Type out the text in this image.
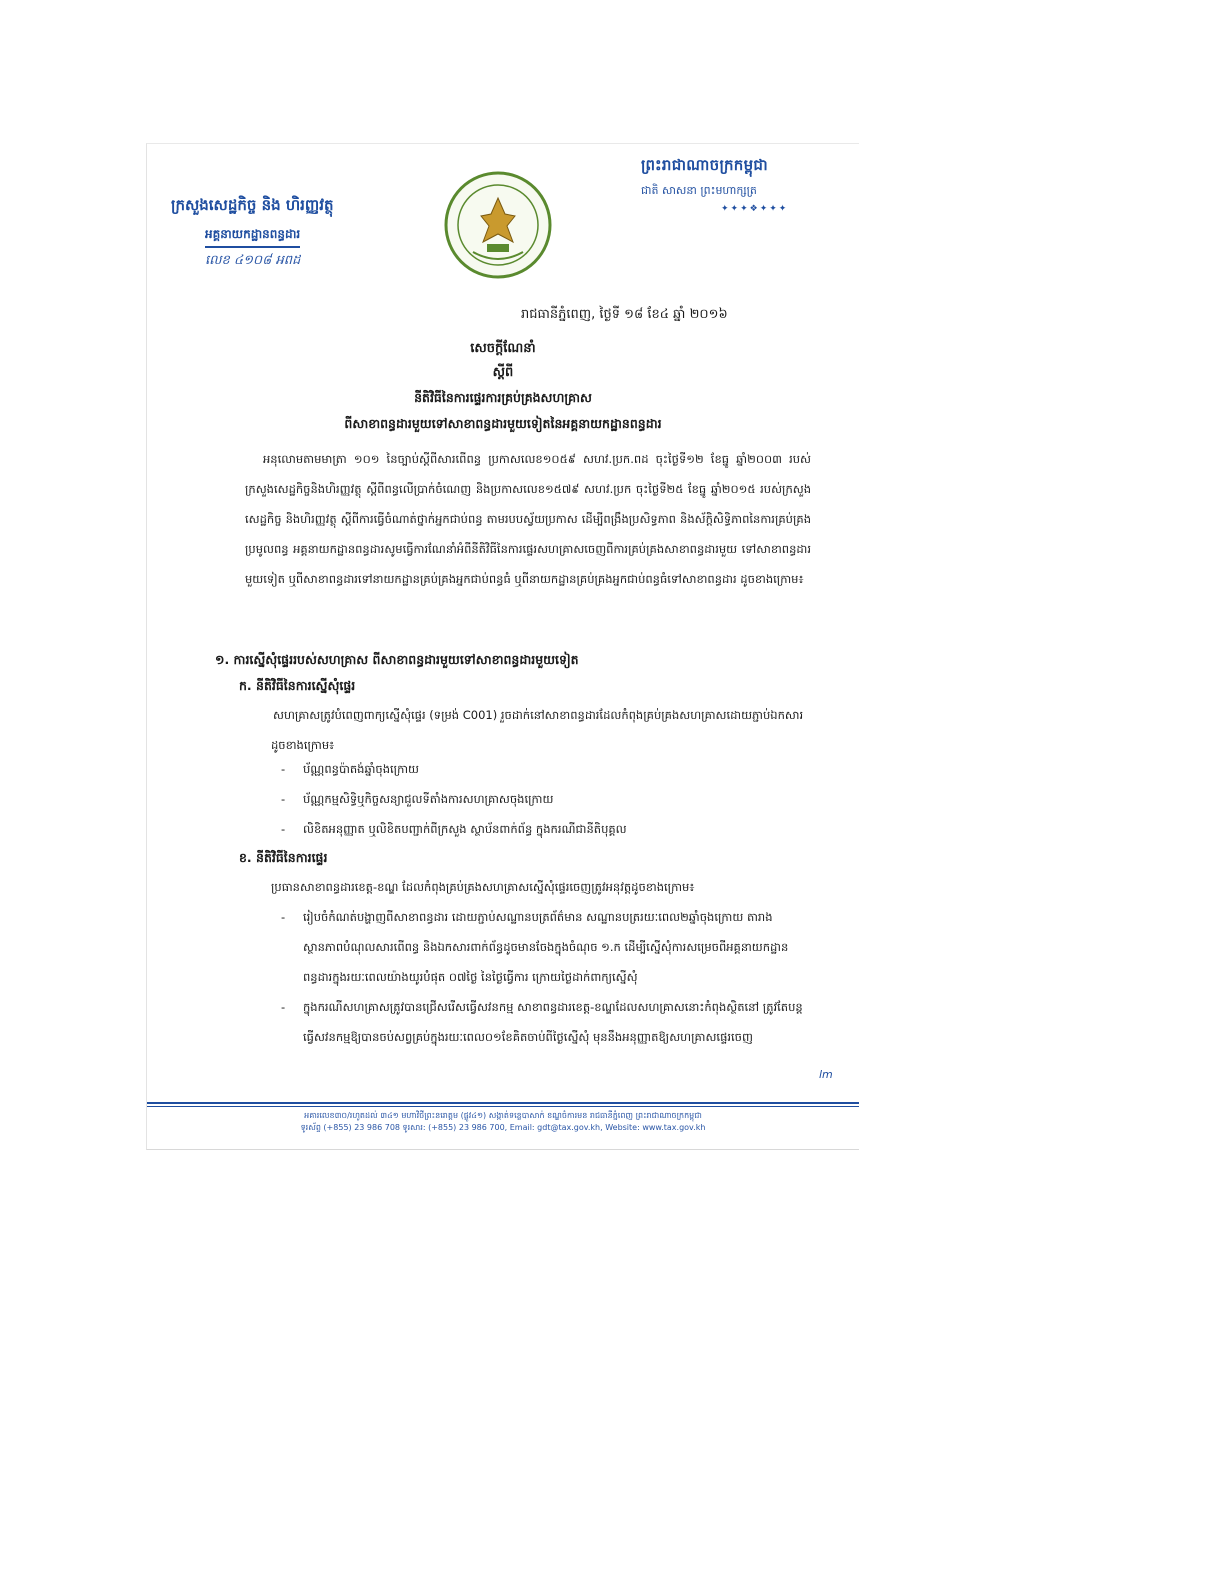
ព្រះរាជាណាចក្រកម្ពុជា
ជាតិ សាសនា ព្រះមហាក្សត្រ
✦✦✦❖✦✦✦
ក្រសួងសេដ្ឋកិច្ច និង ហិរញ្ញវត្ថុ
អគ្គនាយកដ្ឋានពន្ធដារ
លេខ ៤១០៨ អពដ
រាជធានីភ្នំពេញ, ថ្ងៃទី ១៨ ខែ៤ ឆ្នាំ ២០១៦
សេចក្តីណែនាំ
ស្តីពី
នីតិវិធីនៃការផ្ទេរការគ្រប់គ្រងសហគ្រាស
ពីសាខាពន្ធដារមួយទៅសាខាពន្ធដារមួយទៀតនៃអគ្គនាយកដ្ឋានពន្ធដារ
អនុលោមតាមមាត្រា ១០១ នៃច្បាប់ស្តីពីសារពើពន្ធ ប្រកាសលេខ១០៥៩ សហវ.ប្រក.ពដ ចុះថ្ងៃទី១២ ខែធ្នូ ឆ្នាំ២០០៣ របស់ក្រសួងសេដ្ឋកិច្ចនិងហិរញ្ញវត្ថុ ស្តីពីពន្ធលើប្រាក់ចំណេញ និងប្រកាសលេខ១៥៧៩ សហវ.ប្រក ចុះថ្ងៃទី២៥ ខែធ្នូ ឆ្នាំ២០១៥ របស់ក្រសួងសេដ្ឋកិច្ច និងហិរញ្ញវត្ថុ ស្តីពីការធ្វើចំណាត់ថ្នាក់អ្នកជាប់ពន្ធ តាមរបបស្វ័យប្រកាស ដើម្បីពង្រឹងប្រសិទ្ធភាព និងស័ក្តិសិទ្ធិភាពនៃការគ្រប់គ្រងប្រមូលពន្ធ អគ្គនាយកដ្ឋានពន្ធដារសូមធ្វើការណែនាំអំពីនីតិវិធីនៃការផ្ទេរសហគ្រាសចេញពីការគ្រប់គ្រងសាខាពន្ធដារមួយ ទៅសាខាពន្ធដារមួយទៀត ឬពីសាខាពន្ធដារទៅនាយកដ្ឋានគ្រប់គ្រងអ្នកជាប់ពន្ធធំ ឬពីនាយកដ្ឋានគ្រប់គ្រងអ្នកជាប់ពន្ធធំទៅសាខាពន្ធដារ ដូចខាងក្រោម៖
១. ការស្នើសុំផ្ទេររបស់សហគ្រាស ពីសាខាពន្ធដារមួយទៅសាខាពន្ធដារមួយទៀត
ក. នីតិវិធីនៃការស្នើសុំផ្ទេរ
សហគ្រាសត្រូវបំពេញពាក្យស្នើសុំផ្ទេរ (ទម្រង់ C001) រួចដាក់នៅសាខាពន្ធដារដែលកំពុងគ្រប់គ្រងសហគ្រាសដោយភ្ជាប់ឯកសារដូចខាងក្រោម៖
- ប័ណ្ណពន្ធប៉ាតង់ឆ្នាំចុងក្រោយ
- ប័ណ្ណកម្មសិទ្ធិឬកិច្ចសន្យាជួលទីតាំងការសហគ្រាសចុងក្រោយ
- លិខិតអនុញ្ញាត ឬលិខិតបញ្ជាក់ពីក្រសួង ស្ថាប័នពាក់ព័ន្ធ ក្នុងករណីជានីតិបុគ្គល
ខ. នីតិវិធីនៃការផ្ទេរ
ប្រធានសាខាពន្ធដារខេត្ត-ខណ្ឌ ដែលកំពុងគ្រប់គ្រងសហគ្រាសស្នើសុំផ្ទេរចេញត្រូវអនុវត្តដូចខាងក្រោម៖
- រៀបចំកំណត់បង្ហាញពីសាខាពន្ធដារ ដោយភ្ជាប់សណ្ឋានបត្រព័ត៌មាន សណ្ឋានបត្ររយៈពេល២ឆ្នាំចុងក្រោយ តារាងស្ថានភាពបំណុលសារពើពន្ធ និងឯកសារពាក់ព័ន្ធដូចមានចែងក្នុងចំណុច ១.ក ដើម្បីស្នើសុំការសម្រេចពីអគ្គនាយកដ្ឋានពន្ធដារក្នុងរយៈពេលយ៉ាងយូរបំផុត ០៧ថ្ងៃ នៃថ្ងៃធ្វើការ ក្រោយថ្ងៃដាក់ពាក្យស្នើសុំ
- ក្នុងករណីសហគ្រាសត្រូវបានជ្រើសរើសធ្វើសវនកម្ម សាខាពន្ធដារខេត្ត-ខណ្ឌដែលសហគ្រាសនោះកំពុងស្ថិតនៅ ត្រូវតែបន្តធ្វើសវនកម្មឱ្យបានចប់សព្វគ្រប់ក្នុងរយៈពេល០១ខែគិតចាប់ពីថ្ងៃស្នើសុំ មុននឹងអនុញ្ញាតឱ្យសហគ្រាសផ្ទេរចេញ
lm
អគារលេខ៣០/រហូតដល់ ៣៤១ មហាវិថីព្រះនរោត្តម (ផ្លូវ៤១) សង្កាត់ទន្លេបាសាក់ ខណ្ឌចំការមន រាជធានីភ្នំពេញ ព្រះរាជាណាចក្រកម្ពុជា
ទូរស័ព្ទ (+855) 23 986 708 ទូរសារ: (+855) 23 986 700, Email: gdt@tax.gov.kh, Website: www.tax.gov.kh
